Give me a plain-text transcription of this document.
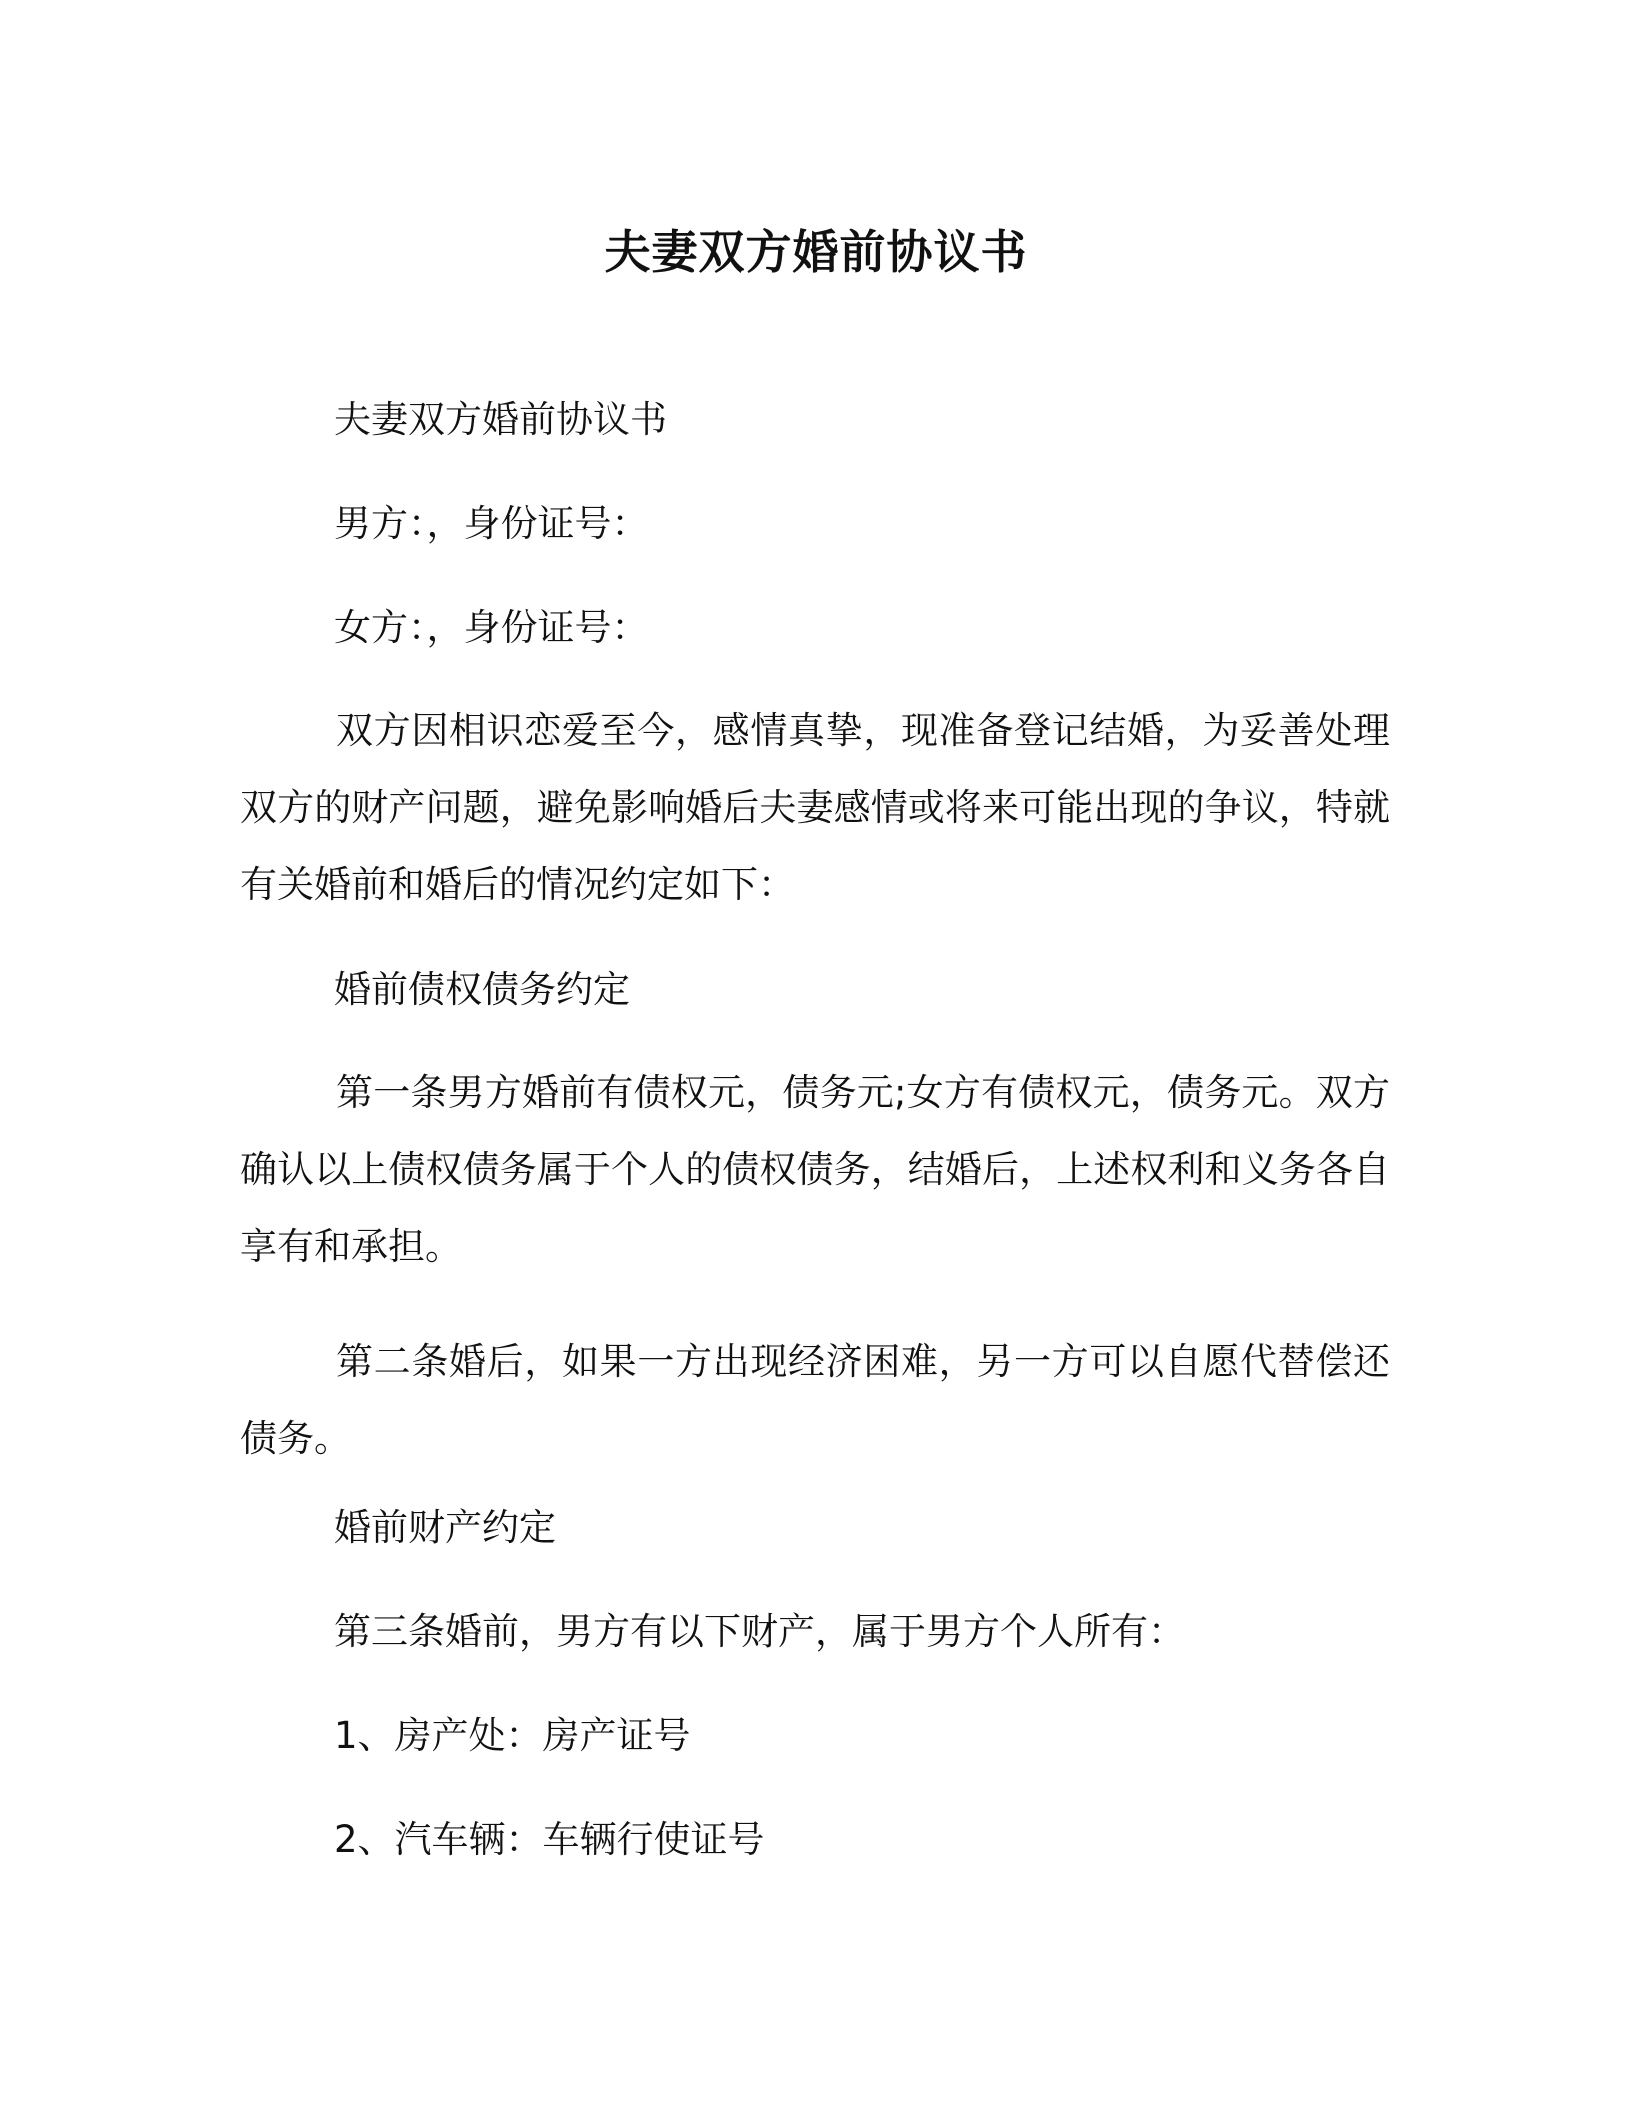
夫妻双方婚前协议书

夫妻双方婚前协议书

男方：，身份证号：

女方：，身份证号：

双方因相识恋爱至今，感情真挚，现准备登记结婚，为妥善处理双方的财产问题，避免影响婚后夫妻感情或将来可能出现的争议，特就有关婚前和婚后的情况约定如下：

婚前债权债务约定

第一条男方婚前有债权元，债务元;女方有债权元，债务元。双方确认以上债权债务属于个人的债权债务，结婚后，上述权利和义务各自享有和承担。

第二条婚后，如果一方出现经济困难，另一方可以自愿代替偿还债务。

婚前财产约定

第三条婚前，男方有以下财产，属于男方个人所有：

1、房产处：房产证号

2、汽车辆：车辆行使证号
